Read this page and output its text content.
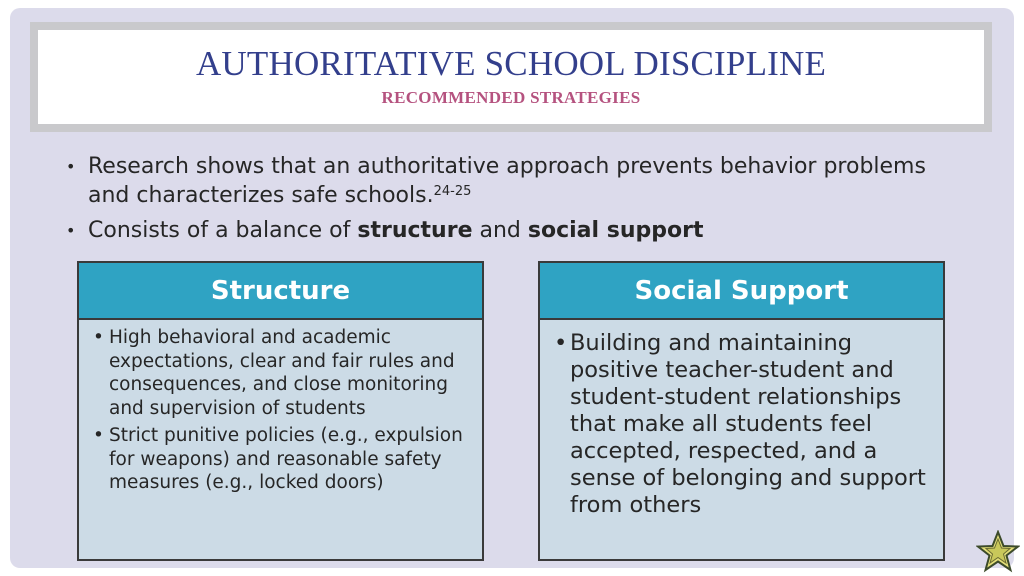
AUTHORITATIVE SCHOOL DISCIPLINE
RECOMMENDED STRATEGIES
• Research shows that an authoritative approach prevents behavior problems and characterizes safe schools.$^{24-25}$
• Consists of a balance of structure and social support
Structure
• High behavioral and academic expectations, clear and fair rules and consequences, and close monitoring and supervision of students
• Strict punitive policies (e.g., expulsion for weapons) and reasonable safety measures (e.g., locked doors)
Social Support
• Building and maintaining positive teacher-student and student-student relationships that make all students feel accepted, respected, and a sense of belonging and support from others
